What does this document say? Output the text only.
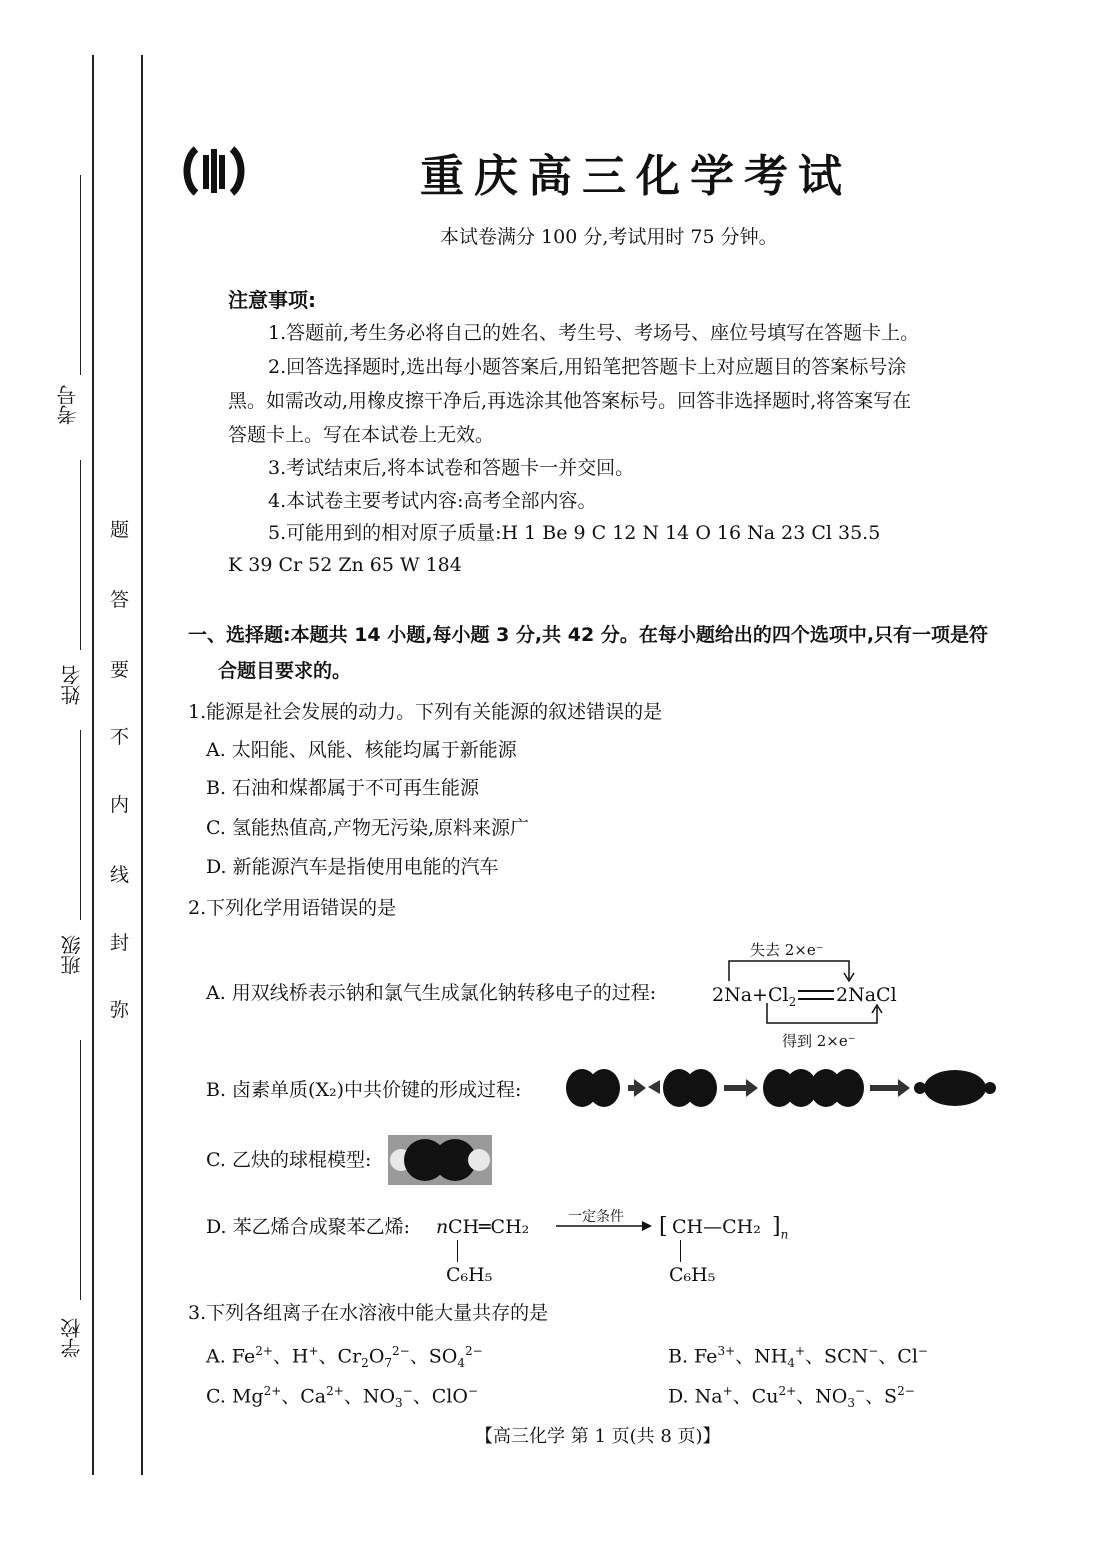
考号
姓名
班级
学校
题
答
要
不
内
线
封
弥
重庆高三化学考试
本试卷满分 100 分,考试用时 75 分钟。
注意事项:
1.答题前,考生务必将自己的姓名、考生号、考场号、座位号填写在答题卡上。
2.回答选择题时,选出每小题答案后,用铅笔把答题卡上对应题目的答案标号涂
黑。如需改动,用橡皮擦干净后,再选涂其他答案标号。回答非选择题时,将答案写在
答题卡上。写在本试卷上无效。
3.考试结束后,将本试卷和答题卡一并交回。
4.本试卷主要考试内容:高考全部内容。
5.可能用到的相对原子质量:H 1 Be 9 C 12 N 14 O 16 Na 23 Cl 35.5
K 39 Cr 52 Zn 65 W 184
一、选择题:本题共 14 小题,每小题 3 分,共 42 分。在每小题给出的四个选项中,只有一项是符
合题目要求的。
1.能源是社会发展的动力。下列有关能源的叙述错误的是
A. 太阳能、风能、核能均属于新能源
B. 石油和煤都属于不可再生能源
C. 氢能热值高,产物无污染,原料来源广
D. 新能源汽车是指使用电能的汽车
2.下列化学用语错误的是
A. 用双线桥表示钠和氯气生成氯化钠转移电子的过程:
失去 2×e⁻
$2Na+Cl_2$ 2NaCl
得到 2×e⁻
B. 卤素单质(X₂)中共价键的形成过程:
C. 乙炔的球棍模型:
D. 苯乙烯合成聚苯乙烯: n CH═CH₂
C₆H₅
一定条件 [ CH—CH₂ ]$_n$
C₆H₅
3.下列各组离子在水溶液中能大量共存的是
A. $Fe^{2+}$、H+、$Cr_2O_7^{2-}$、$SO_4^{2-}$	B. $Fe^{3+}$、$NH_4^+$、SCN−、Cl−
C. $Mg^{2+}$、$Ca^{2+}$、$NO_3^-$、ClO−	D. Na+、$Cu^{2+}$、$NO_3^-$、$S^{2-}$
【高三化学 第 1 页(共 8 页)】
